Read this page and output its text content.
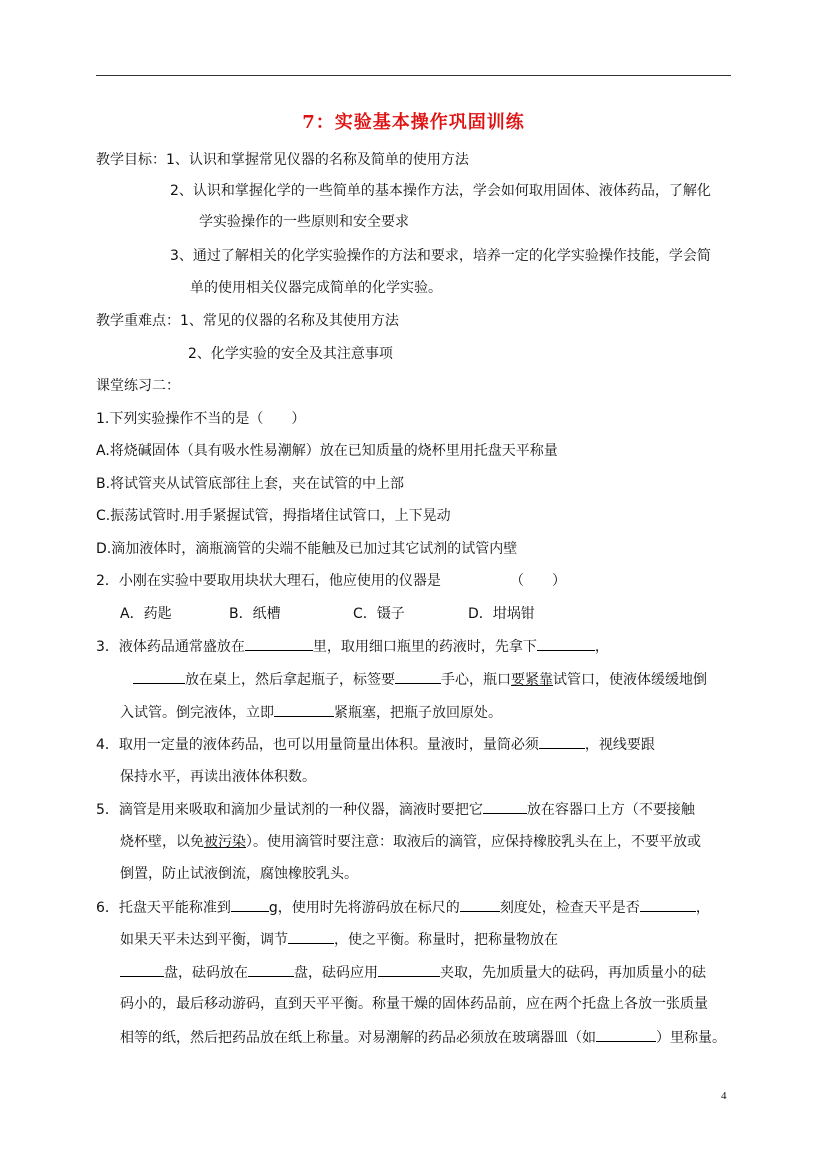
7：实验基本操作巩固训练
教学目标：1、认识和掌握常见仪器的名称及简单的使用方法
2、认识和掌握化学的一些简单的基本操作方法，学会如何取用固体、液体药品，了解化
学实验操作的一些原则和安全要求
3、通过了解相关的化学实验操作的方法和要求，培养一定的化学实验操作技能，学会简
单的使用相关仪器完成简单的化学实验。
教学重难点：1、常见的仪器的名称及其使用方法
2、化学实验的安全及其注意事项
课堂练习二：
1.下列实验操作不当的是（　　）
A.将烧碱固体（具有吸水性易潮解）放在已知质量的烧杯里用托盘天平称量
B.将试管夹从试管底部往上套，夹在试管的中上部
C.振荡试管时.用手紧握试管，拇指堵住试管口，上下晃动
D.滴加液体时，滴瓶滴管的尖端不能触及已加过其它试剂的试管内壁
2．小刚在实验中要取用块状大理石，他应使用的仪器是	（　　）
A．药匙	B．纸槽	C．镊子	D．坩埚钳
3．液体药品通常盛放在	里，取用细口瓶里的药液时，先拿下	，
放在桌上，然后拿起瓶子，标签要	手心，瓶口要紧靠试管口，使液体缓缓地倒
入试管。倒完液体，立即	紧瓶塞，把瓶子放回原处。
4．取用一定量的液体药品，也可以用量筒量出体积。量液时，量筒必须	，视线要跟
保持水平，再读出液体体积数。
5．滴管是用来吸取和滴加少量试剂的一种仪器，滴液时要把它	放在容器口上方（不要接触
烧杯壁，以免被污染）。使用滴管时要注意：取液后的滴管，应保持橡胶乳头在上，不要平放或
倒置，防止试液倒流，腐蚀橡胶乳头。
6．托盘天平能称准到	g，使用时先将游码放在标尺的	刻度处，检查天平是否	，
如果天平未达到平衡，调节	，使之平衡。称量时，把称量物放在
盘，砝码放在	盘，砝码应用	夹取，先加质量大的砝码，再加质量小的砝
码小的，最后移动游码，直到天平平衡。称量干燥的固体药品前，应在两个托盘上各放一张质量
相等的纸，然后把药品放在纸上称量。对易潮解的药品必须放在玻璃器皿（如	）里称量。
4
